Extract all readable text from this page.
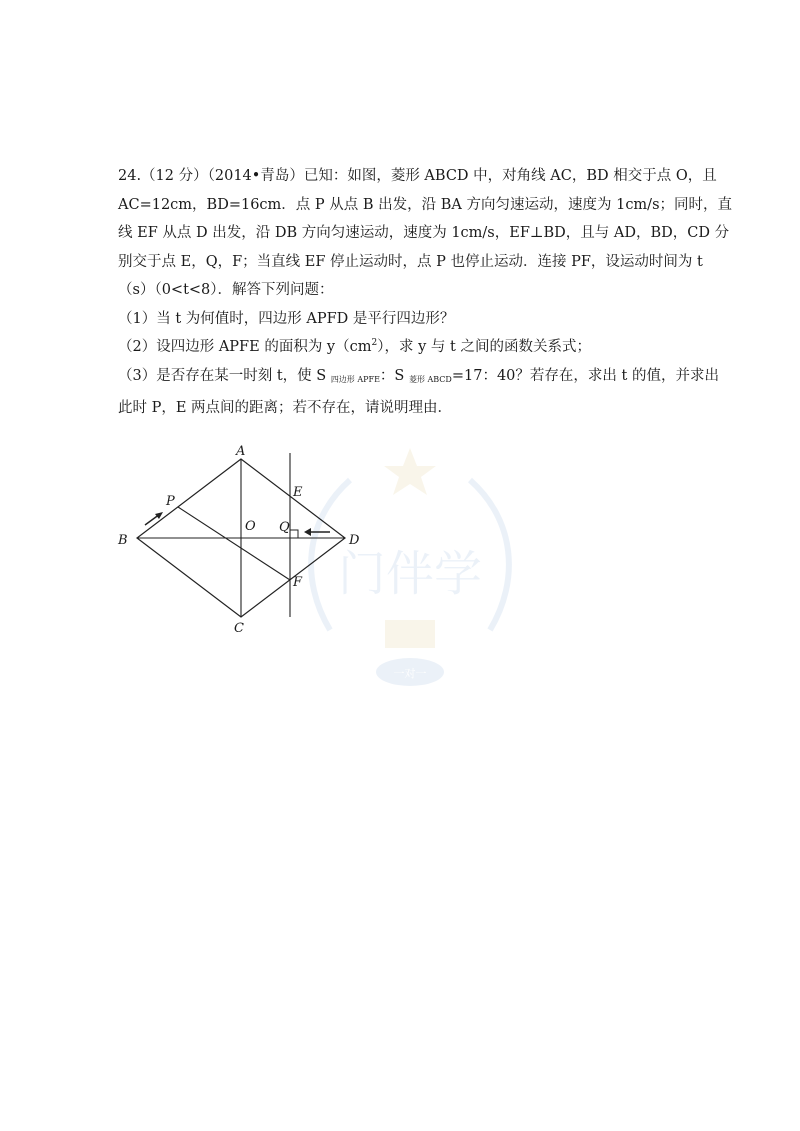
24.（12 分）（2014•青岛）已知：如图，菱形 ABCD 中，对角线 AC，BD 相交于点 O，且
AC=12cm，BD=16cm．点 P 从点 B 出发，沿 BA 方向匀速运动，速度为 1cm/s；同时，直
线 EF 从点 D 出发，沿 DB 方向匀速运动，速度为 1cm/s，EF⊥BD，且与 AD，BD，CD 分
别交于点 E，Q，F；当直线 EF 停止运动时，点 P 也停止运动．连接 PF，设运动时间为 t
（s）（0<t<8）．解答下列问题：
（1）当 t 为何值时，四边形 APFD 是平行四边形？
（2）设四边形 APFE 的面积为 $y(cm^2)$，求 y 与 t 之间的函数关系式；
（3）是否存在某一时刻 t，使 S $_{四边形 APFE}$：S $_{菱形 ABCD}$=17：40？若存在，求出 t 的值，并求出
此时 P，E 两点间的距离；若不存在，请说明理由．
门伴学
一对一
A
B
C
D
O
P
E
F
Q
